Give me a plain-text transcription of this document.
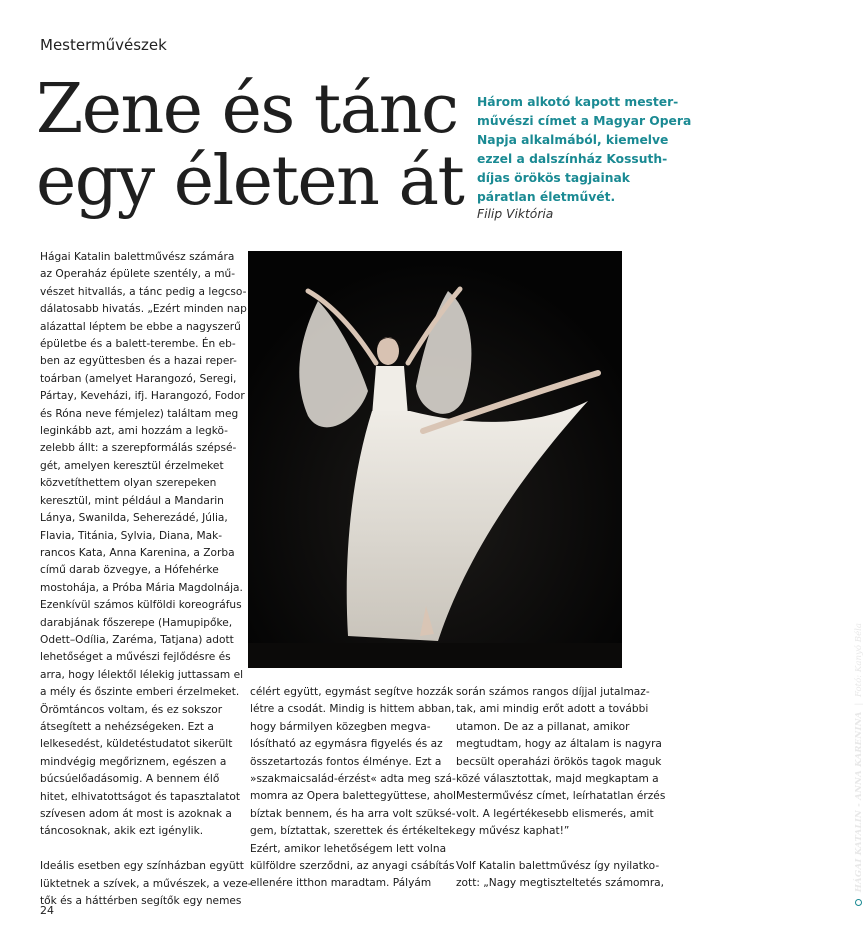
Mesterművészek
Zene és tánc
egy életen át
Három alkotó kapott mester-
művészi címet a Magyar Opera
Napja alkalmából, kiemelve
ezzel a dalszínház Kossuth-
díjas örökös tagjainak
páratlan életművét.
Filip Viktória
Hágai Katalin balettművész számára
az Operaház épülete szentély, a mű-
vészet hitvallás, a tánc pedig a legcso-
dálatosabb hivatás. „Ezért minden nap
alázattal léptem be ebbe a nagyszerű
épületbe és a balett-terembe. Én eb-
ben az együttesben és a hazai reper-
toárban (amelyet Harangozó, Seregi,
Pártay, Keveházi, ifj. Harangozó, Fodor
és Róna neve fémjelez) találtam meg
leginkább azt, ami hozzám a legkö-
zelebb állt: a szerepformálás szépsé-
gét, amelyen keresztül érzelmeket
közvetíthettem olyan szerepeken
keresztül, mint például a Mandarin
Lánya, Swanilda, Seherezádé, Júlia,
Flavia, Titánia, Sylvia, Diana, Mak-
rancos Kata, Anna Karenina, a Zorba
című darab özvegye, a Hófehérke
mostohája, a Próba Mária Magdolnája.
Ezenkívül számos külföldi koreográfus
darabjának főszerepe (Hamupipőke,
Odett–Odília, Zaréma, Tatjana) adott
lehetőséget a művészi fejlődésre és
arra, hogy lélektől lélekig juttassam el
a mély és őszinte emberi érzelmeket.
Örömtáncos voltam, és ez sokszor
átsegített a nehézségeken. Ezt a
lelkesedést, küldetéstudatot sikerült
mindvégig megőriznem, egészen a
búcsúelőadásomig. A bennem élő
hitet, elhivatottságot és tapasztalatot
szívesen adom át most is azoknak a
táncosoknak, akik ezt igénylik.
Ideális esetben egy színházban együtt
lüktetnek a szívek, a művészek, a veze-
tők és a háttérben segítők egy nemes
HÁGAI KATALIN - ANNA KARENINA | Fotó: Kanyó Béla
célért együtt, egymást segítve hozzák
létre a csodát. Mindig is hittem abban,
hogy bármilyen közegben megva-
lósítható az egymásra figyelés és az
összetartozás fontos élménye. Ezt a
»szakmaicsalád-érzést« adta meg szá-
momra az Opera balettegyüttese, ahol
bíztak bennem, és ha arra volt szüksé-
gem, bíztattak, szerettek és értékeltek.
Ezért, amikor lehetőségem lett volna
külföldre szerződni, az anyagi csábítás
ellenére itthon maradtam. Pályám
során számos rangos díjjal jutalmaz-
tak, ami mindig erőt adott a további
utamon. De az a pillanat, amikor
megtudtam, hogy az általam is nagyra
becsült operaházi örökös tagok maguk
közé választottak, majd megkaptam a
Mesterművész címet, leírhatatlan érzés
volt. A legértékesebb elismerés, amit
egy művész kaphat!”
Volf Katalin balettművész így nyilatko-
zott: „Nagy megtiszteltetés számomra,
24
